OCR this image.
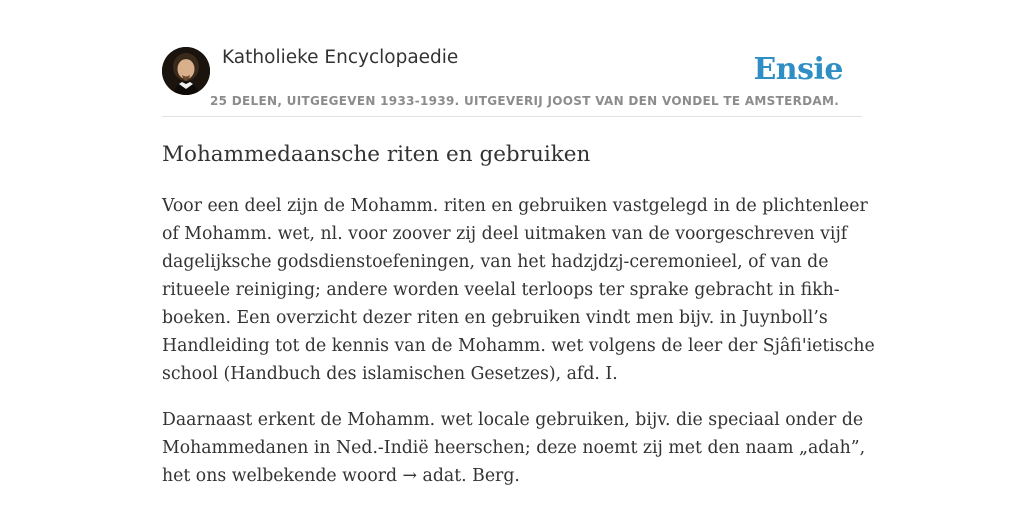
Katholieke Encyclopaedie
25 DELEN, UITGEGEVEN 1933-1939. UITGEVERIJ JOOST VAN DEN VONDEL TE AMSTERDAM.
Ensie
Mohammedaansche riten en gebruiken

Voor een deel zijn de Mohamm. riten en gebruiken vastgelegd in de plichtenleer
of Mohamm. wet, nl. voor zoover zij deel uitmaken van de voorgeschreven vijf
dagelijksche godsdienstoefeningen, van het hadzjdzj-ceremonieel, of van de
ritueele reiniging; andere worden veelal terloops ter sprake gebracht in fikh-
boeken. Een overzicht dezer riten en gebruiken vindt men bijv. in Juynboll’s
Handleiding tot de kennis van de Mohamm. wet volgens de leer der Sjâfi'ietische
school (Handbuch des islamischen Gesetzes), afd. I.

Daarnaast erkent de Mohamm. wet locale gebruiken, bijv. die speciaal onder de
Mohammedanen in Ned.-Indië heerschen; deze noemt zij met den naam „adah”,
het ons welbekende woord → adat. Berg.
